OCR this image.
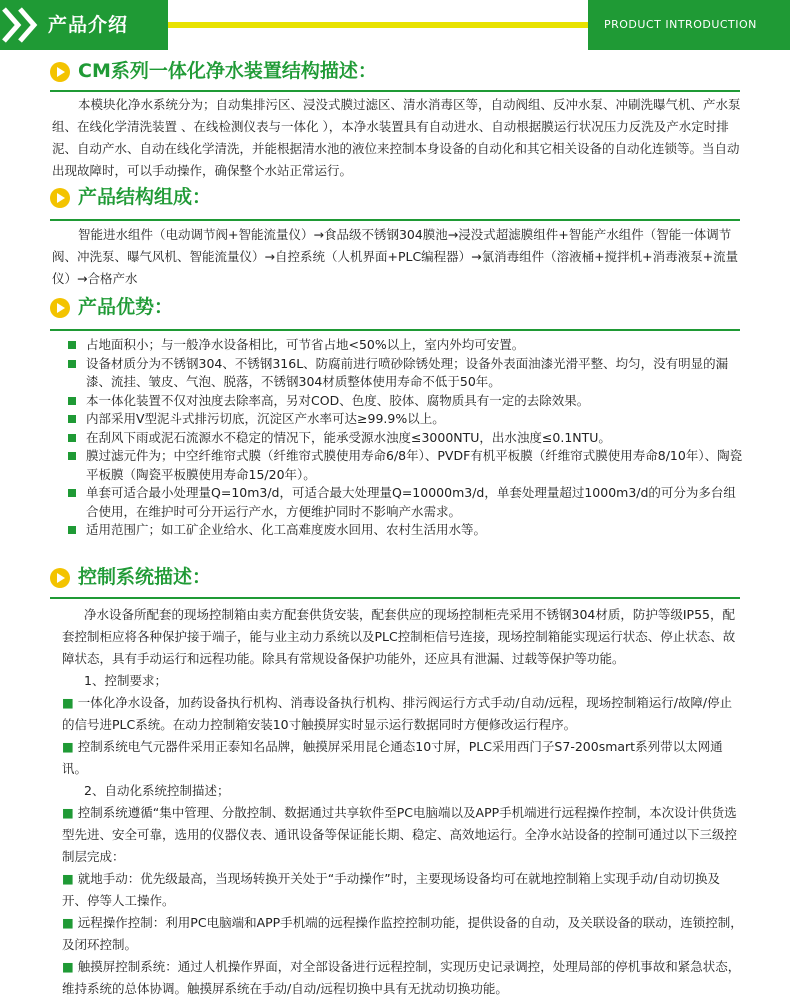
产品介绍	PRODUCT INTRODUCTION
CM系列一体化净水装置结构描述：
本模块化净水系统分为；自动集排污区、浸没式膜过滤区、清水消毒区等，自动阀组、反冲水泵、冲刷洗曝气机、产水泵组、在线化学清洗装置 、在线检测仪表与一体化 ），本净水装置具有自动进水、自动根据膜运行状况压力反洗及产水定时排泥、自动产水、自动在线化学清洗，并能根据清水池的液位来控制本身设备的自动化和其它相关设备的自动化连锁等。当自动出现故障时，可以手动操作，确保整个水站正常运行。
产品结构组成：
智能进水组件（电动调节阀+智能流量仪）→食品级不锈钢304膜池→浸没式超滤膜组件+智能产水组件（智能一体调节阀、冲洗泵、曝气风机、智能流量仪）→自控系统（人机界面+PLC编程器）→氯消毒组件（溶液桶+搅拌机+消毒液泵+流量仪）→合格产水
产品优势：
占地面积小；与一般净水设备相比，可节省占地<50%以上，室内外均可安置。
设备材质分为不锈钢304、不锈钢316L、防腐前进行喷砂除锈处理；设备外表面油漆光滑平整、均匀，没有明显的漏漆、流挂、皱皮、气泡、脱落，不锈钢304材质整体使用寿命不低于50年。
本一体化装置不仅对浊度去除率高，另对COD、色度、胶体、腐物质具有一定的去除效果。
内部采用V型泥斗式排污切底，沉淀区产水率可达≥99.9%以上。
在刮风下雨或泥石流源水不稳定的情况下，能承受源水浊度≤3000NTU，出水浊度≤0.1NTU。
膜过滤元件为；中空纤维帘式膜（纤维帘式膜使用寿命6/8年）、PVDF有机平板膜（纤维帘式膜使用寿命8/10年）、陶瓷平板膜（陶瓷平板膜使用寿命15/20年）。
单套可适合最小处理量Q=10m3/d，可适合最大处理量Q=10000m3/d，单套处理量超过1000m3/d的可分为多台组合使用，在维护时可分开运行产水，方便维护同时不影响产水需求。
适用范围广；如工矿企业给水、化工高难度废水回用、农村生活用水等。
控制系统描述：

净水设备所配套的现场控制箱由卖方配套供货安装，配套供应的现场控制柜壳采用不锈钢304材质，防护等级IP55，配套控制柜应将各种保护接于端子，能与业主动力系统以及PLC控制柜信号连接，现场控制箱能实现运行状态、停止状态、故障状态，具有手动运行和远程功能。除具有常规设备保护功能外，还应具有泄漏、过载等保护等功能。

1、控制要求；

■ 一体化净水设备，加药设备执行机构、消毒设备执行机构、排污阀运行方式手动/自动/远程，现场控制箱运行/故障/停止的信号进PLC系统。在动力控制箱安装10寸触摸屏实时显示运行数据同时方便修改运行程序。

■ 控制系统电气元器件采用正泰知名品牌，触摸屏采用昆仑通态10寸屏，PLC采用西门子S7-200smart系列带以太网通讯。

2、自动化系统控制描述；

■ 控制系统遵循“集中管理、分散控制、数据通过共享软件至PC电脑端以及APP手机端进行远程操作控制，本次设计供货选型先进、安全可靠，选用的仪器仪表、通讯设备等保证能长期、稳定、高效地运行。全净水站设备的控制可通过以下三级控制层完成：

■ 就地手动：优先级最高，当现场转换开关处于“手动操作”时，主要现场设备均可在就地控制箱上实现手动/自动切换及开、停等人工操作。

■ 远程操作控制：利用PC电脑端和APP手机端的远程操作监控控制功能，提供设备的自动，及关联设备的联动，连锁控制，及闭环控制。

■ 触摸屏控制系统：通过人机操作界面，对全部设备进行远程控制，实现历史记录调控，处理局部的停机事故和紧急状态，维持系统的总体协调。触摸屏系统在手动/自动/远程切换中具有无扰动切换功能。
